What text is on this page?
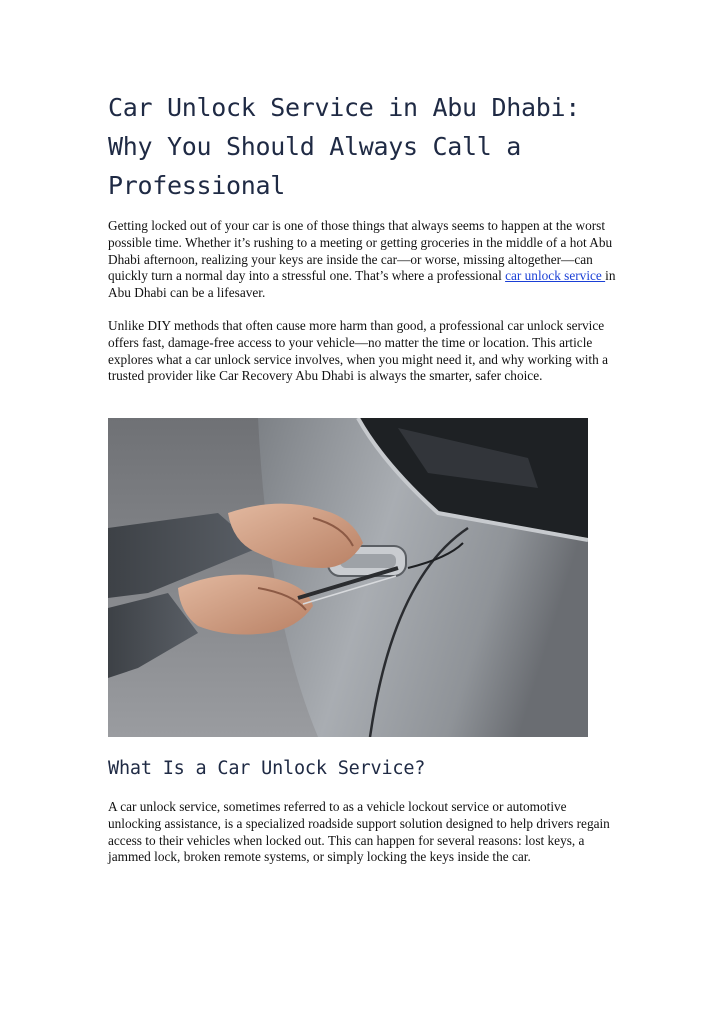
Car Unlock Service in Abu Dhabi: Why You Should Always Call a Professional

Getting locked out of your car is one of those things that always seems to happen at the worst possible time. Whether it’s rushing to a meeting or getting groceries in the middle of a hot Abu Dhabi afternoon, realizing your keys are inside the car—or worse, missing altogether—can quickly turn a normal day into a stressful one. That’s where a professional car unlock service in Abu Dhabi can be a lifesaver.

Unlike DIY methods that often cause more harm than good, a professional car unlock service offers fast, damage-free access to your vehicle—no matter the time or location. This article explores what a car unlock service involves, when you might need it, and why working with a trusted provider like Car Recovery Abu Dhabi is always the smarter, safer choice.

What Is a Car Unlock Service?

A car unlock service, sometimes referred to as a vehicle lockout service or automotive unlocking assistance, is a specialized roadside support solution designed to help drivers regain access to their vehicles when locked out. This can happen for several reasons: lost keys, a jammed lock, broken remote systems, or simply locking the keys inside the car.
